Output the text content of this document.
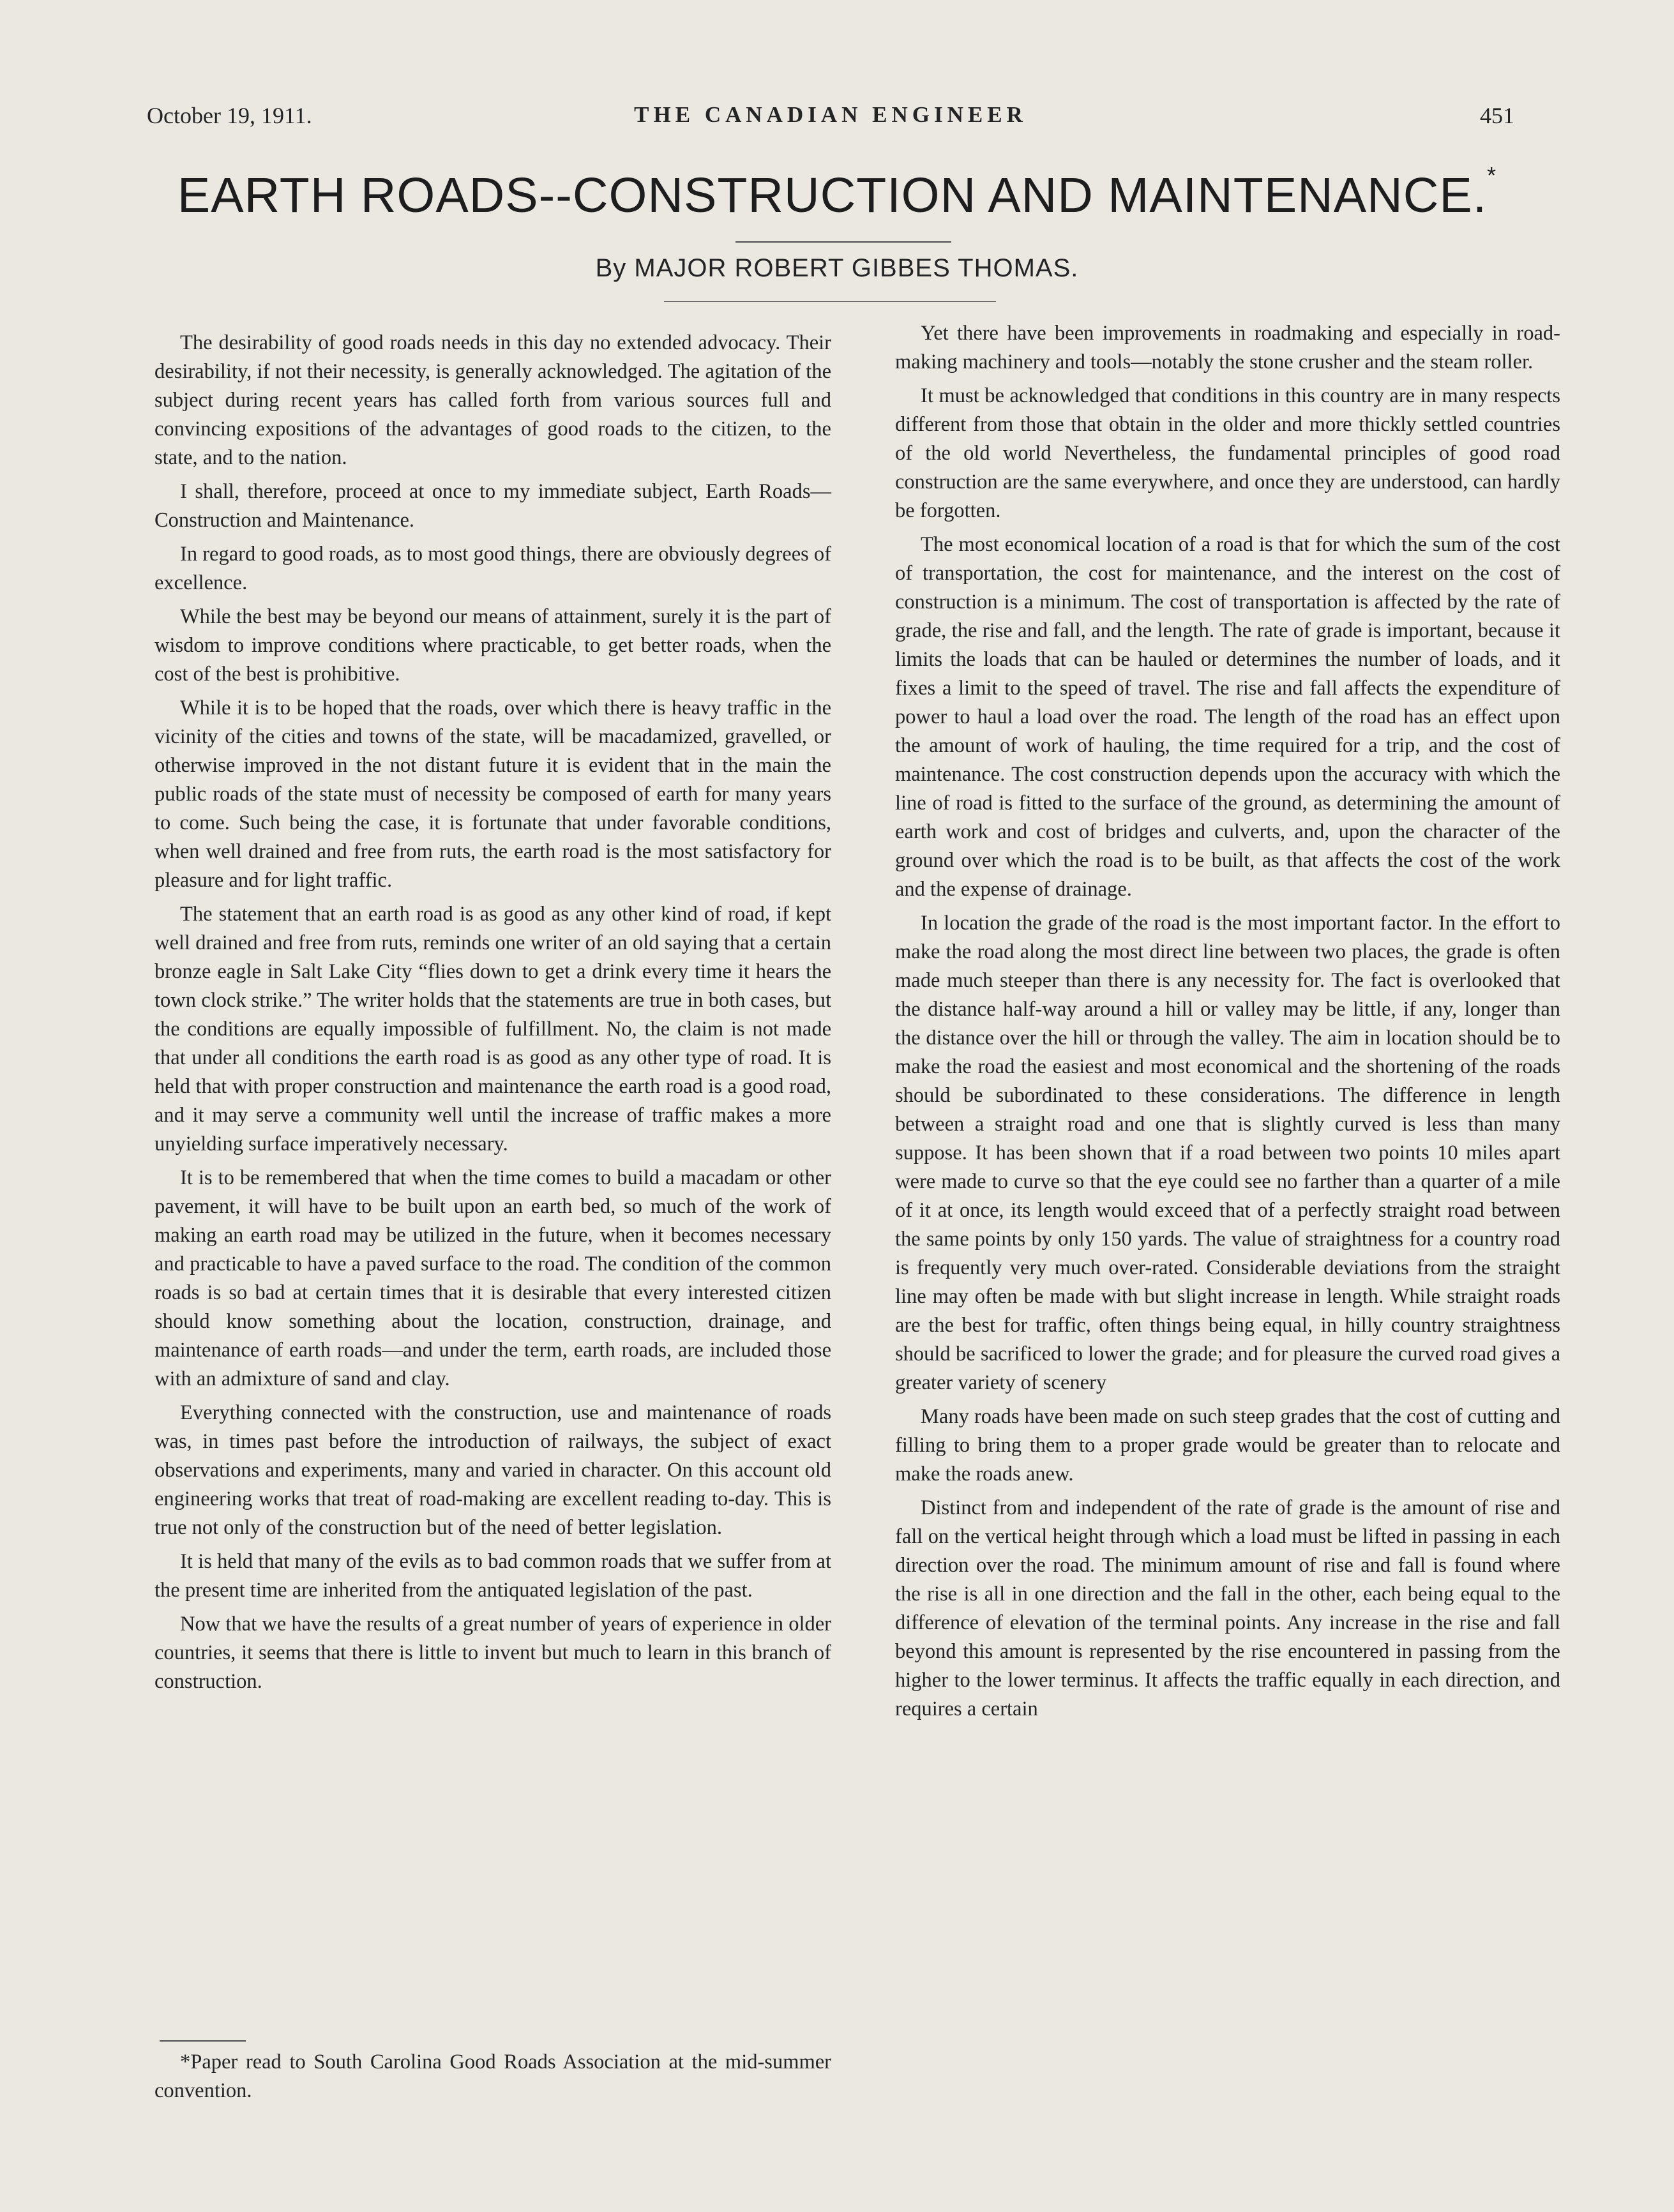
October 19, 1911.	THE CANADIAN ENGINEER	451
EARTH ROADS--CONSTRUCTION AND MAINTENANCE.*
By MAJOR ROBERT GIBBES THOMAS.

The desirability of good roads needs in this day no extended advocacy. Their desirability, if not their necessity, is generally acknowledged. The agitation of the subject during recent years has called forth from various sources full and convincing expositions of the advantages of good roads to the citizen, to the state, and to the nation.

I shall, therefore, proceed at once to my immediate subject, Earth Roads—Construction and Maintenance.

In regard to good roads, as to most good things, there are obviously degrees of excellence.

While the best may be beyond our means of attainment, surely it is the part of wisdom to improve conditions where practicable, to get better roads, when the cost of the best is prohibitive.

While it is to be hoped that the roads, over which there is heavy traffic in the vicinity of the cities and towns of the state, will be macadamized, gravelled, or otherwise improved in the not distant future it is evident that in the main the public roads of the state must of necessity be composed of earth for many years to come. Such being the case, it is fortunate that under favorable conditions, when well drained and free from ruts, the earth road is the most satisfactory for pleasure and for light traffic.

The statement that an earth road is as good as any other kind of road, if kept well drained and free from ruts, reminds one writer of an old saying that a certain bronze eagle in Salt Lake City “flies down to get a drink every time it hears the town clock strike.” The writer holds that the statements are true in both cases, but the conditions are equally impossible of fulfillment. No, the claim is not made that under all conditions the earth road is as good as any other type of road. It is held that with proper construction and maintenance the earth road is a good road, and it may serve a community well until the increase of traffic makes a more unyielding surface imperatively necessary.

It is to be remembered that when the time comes to build a macadam or other pavement, it will have to be built upon an earth bed, so much of the work of making an earth road may be utilized in the future, when it becomes necessary and practicable to have a paved surface to the road. The condition of the common roads is so bad at certain times that it is desirable that every interested citizen should know something about the location, construction, drainage, and maintenance of earth roads—and under the term, earth roads, are included those with an admixture of sand and clay.

Everything connected with the construction, use and maintenance of roads was, in times past before the introduction of railways, the subject of exact observations and experiments, many and varied in character. On this account old engineering works that treat of road-making are excellent reading to-day. This is true not only of the construction but of the need of better legislation.

It is held that many of the evils as to bad common roads that we suffer from at the present time are inherited from the antiquated legislation of the past.

Now that we have the results of a great number of years of experience in older countries, it seems that there is little to invent but much to learn in this branch of construction.

*Paper read to South Carolina Good Roads Association at the mid-summer convention.

Yet there have been improvements in roadmaking and especially in road-making machinery and tools—notably the stone crusher and the steam roller.

It must be acknowledged that conditions in this country are in many respects different from those that obtain in the older and more thickly settled countries of the old world Nevertheless, the fundamental principles of good road construction are the same everywhere, and once they are understood, can hardly be forgotten.

The most economical location of a road is that for which the sum of the cost of transportation, the cost for maintenance, and the interest on the cost of construction is a minimum. The cost of transportation is affected by the rate of grade, the rise and fall, and the length. The rate of grade is important, because it limits the loads that can be hauled or determines the number of loads, and it fixes a limit to the speed of travel. The rise and fall affects the expenditure of power to haul a load over the road. The length of the road has an effect upon the amount of work of hauling, the time required for a trip, and the cost of maintenance. The cost construction depends upon the accuracy with which the line of road is fitted to the surface of the ground, as determining the amount of earth work and cost of bridges and culverts, and, upon the character of the ground over which the road is to be built, as that affects the cost of the work and the expense of drainage.

In location the grade of the road is the most important factor. In the effort to make the road along the most direct line between two places, the grade is often made much steeper than there is any necessity for. The fact is overlooked that the distance half-way around a hill or valley may be little, if any, longer than the distance over the hill or through the valley. The aim in location should be to make the road the easiest and most economical and the shortening of the roads should be subordinated to these considerations. The difference in length between a straight road and one that is slightly curved is less than many suppose. It has been shown that if a road between two points 10 miles apart were made to curve so that the eye could see no farther than a quarter of a mile of it at once, its length would exceed that of a perfectly straight road between the same points by only 150 yards. The value of straightness for a country road is frequently very much over-rated. Considerable deviations from the straight line may often be made with but slight increase in length. While straight roads are the best for traffic, often things being equal, in hilly country straightness should be sacrificed to lower the grade; and for pleasure the curved road gives a greater variety of scenery

Many roads have been made on such steep grades that the cost of cutting and filling to bring them to a proper grade would be greater than to relocate and make the roads anew.

Distinct from and independent of the rate of grade is the amount of rise and fall on the vertical height through which a load must be lifted in passing in each direction over the road. The minimum amount of rise and fall is found where the rise is all in one direction and the fall in the other, each being equal to the difference of elevation of the terminal points. Any increase in the rise and fall beyond this amount is represented by the rise encountered in passing from the higher to the lower terminus. It affects the traffic equally in each direction, and requires a certain
